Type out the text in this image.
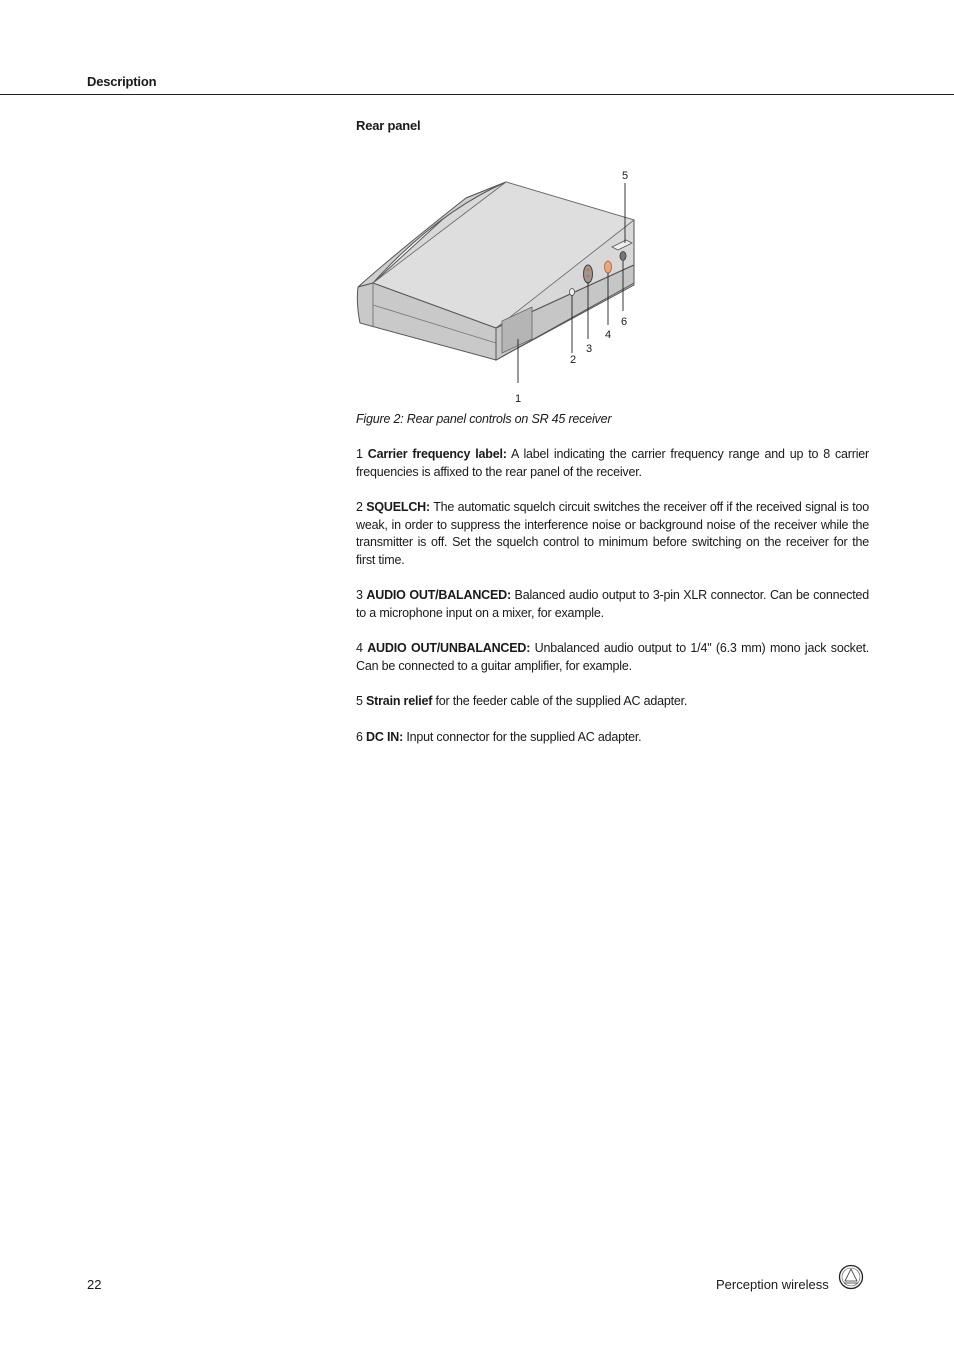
Description

Rear panel

1
2
3
4
5
6

Figure 2: Rear panel controls on SR 45 receiver

1 Carrier frequency label: A label indicating the carrier frequency range and up to 8 carrier frequencies is affixed to the rear panel of the receiver.

2 SQUELCH: The automatic squelch circuit switches the receiver off if the received signal is too weak, in order to suppress the interference noise or background noise of the receiver while the transmitter is off. Set the squelch control to minimum before switching on the receiver for the first time.

3 AUDIO OUT/BALANCED: Balanced audio output to 3-pin XLR connector. Can be connected to a microphone input on a mixer, for example.

4 AUDIO OUT/UNBALANCED: Unbalanced audio output to 1/4" (6.3 mm) mono jack socket. Can be connected to a guitar amplifier, for example.

5 Strain relief for the feeder cable of the supplied AC adapter.

6 DC IN: Input connector for the supplied AC adapter.

22	Perception wireless
